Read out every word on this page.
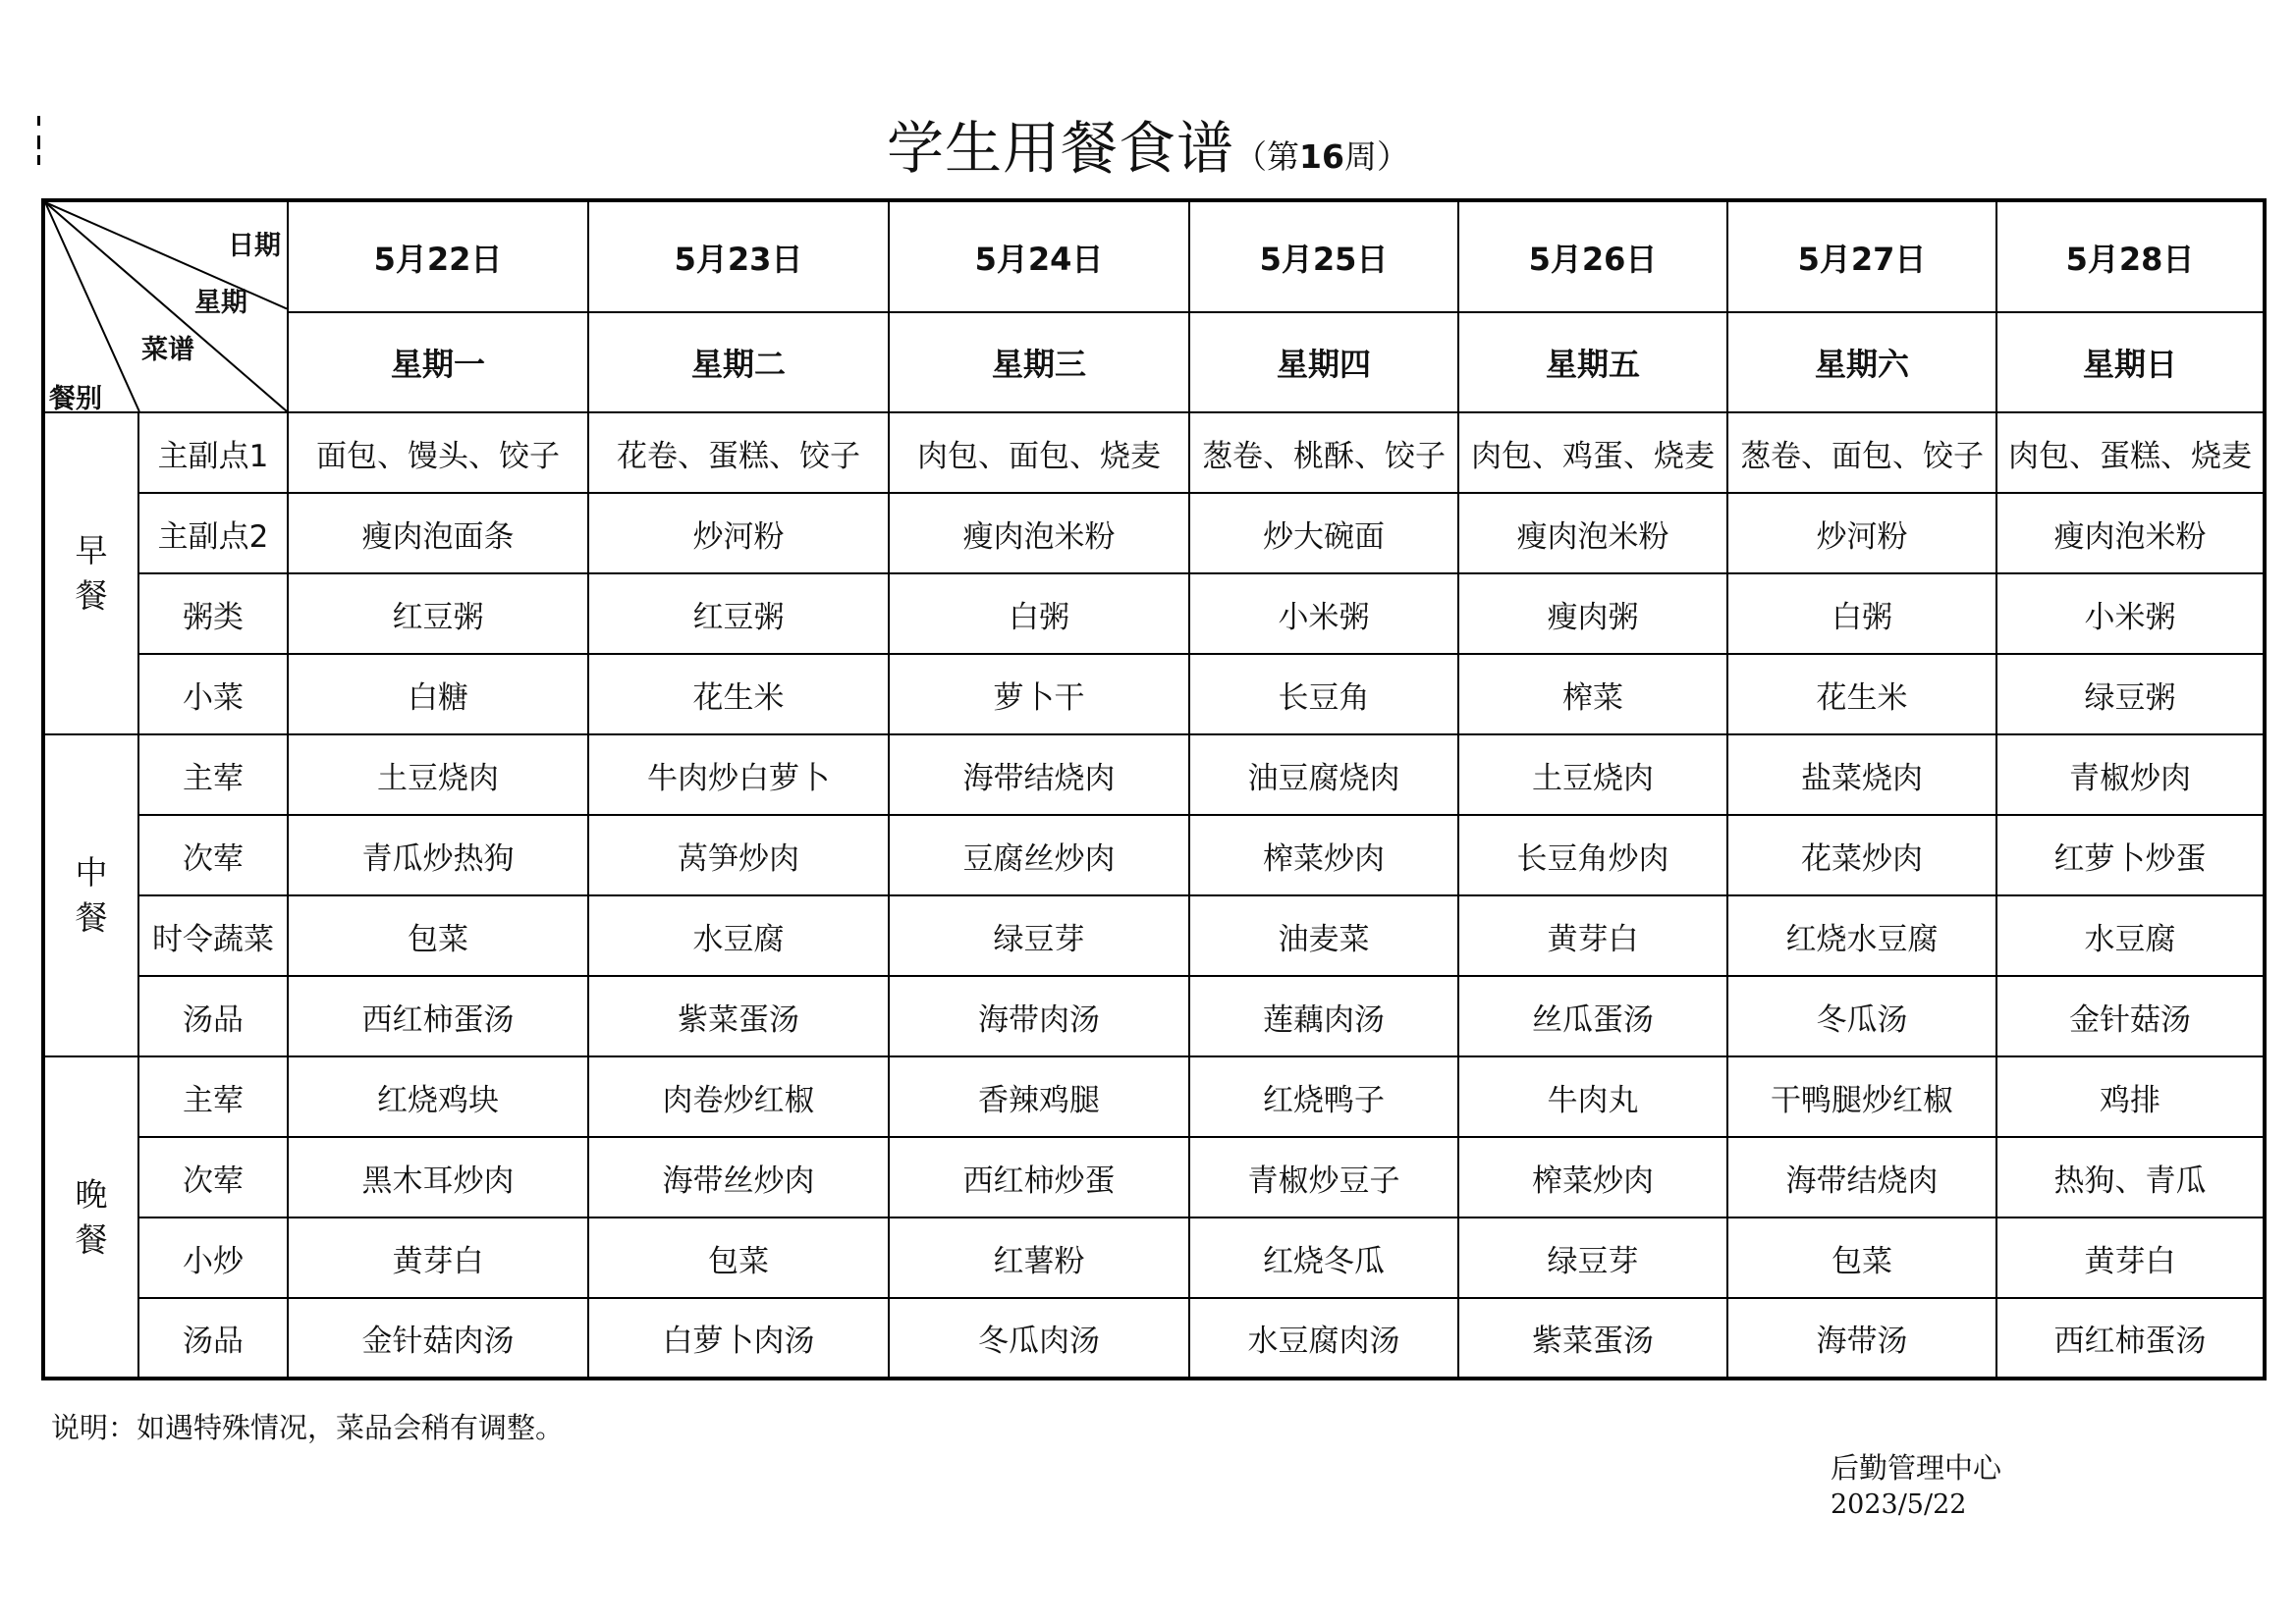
学生用餐食谱（第16周）
日期
星期
菜谱
餐别		5月22日	5月23日	5月24日	5月25日	5月26日	5月27日	5月28日
		星期一	星期二	星期三	星期四	星期五	星期六	星期日

早
餐	主副点1	面包、馒头、饺子	花卷、蛋糕、饺子	肉包、面包、烧麦	葱卷、桃酥、饺子	肉包、鸡蛋、烧麦	葱卷、面包、饺子	肉包、蛋糕、烧麦
	主副点2	瘦肉泡面条	炒河粉	瘦肉泡米粉	炒大碗面	瘦肉泡米粉	炒河粉	瘦肉泡米粉
	粥类	红豆粥	红豆粥	白粥	小米粥	瘦肉粥	白粥	小米粥
	小菜	白糖	花生米	萝卜干	长豆角	榨菜	花生米	绿豆粥

中
餐	主荤	土豆烧肉	牛肉炒白萝卜	海带结烧肉	油豆腐烧肉	土豆烧肉	盐菜烧肉	青椒炒肉
	次荤	青瓜炒热狗	莴笋炒肉	豆腐丝炒肉	榨菜炒肉	长豆角炒肉	花菜炒肉	红萝卜炒蛋
	时令蔬菜	包菜	水豆腐	绿豆芽	油麦菜	黄芽白	红烧水豆腐	水豆腐
	汤品	西红柿蛋汤	紫菜蛋汤	海带肉汤	莲藕肉汤	丝瓜蛋汤	冬瓜汤	金针菇汤

晚
餐	主荤	红烧鸡块	肉卷炒红椒	香辣鸡腿	红烧鸭子	牛肉丸	干鸭腿炒红椒	鸡排
	次荤	黑木耳炒肉	海带丝炒肉	西红柿炒蛋	青椒炒豆子	榨菜炒肉	海带结烧肉	热狗、青瓜
	小炒	黄芽白	包菜	红薯粉	红烧冬瓜	绿豆芽	包菜	黄芽白
	汤品	金针菇肉汤	白萝卜肉汤	冬瓜肉汤	水豆腐肉汤	紫菜蛋汤	海带汤	西红柿蛋汤
说明：如遇特殊情况，菜品会稍有调整。
后勤管理中心
2023/5/22
